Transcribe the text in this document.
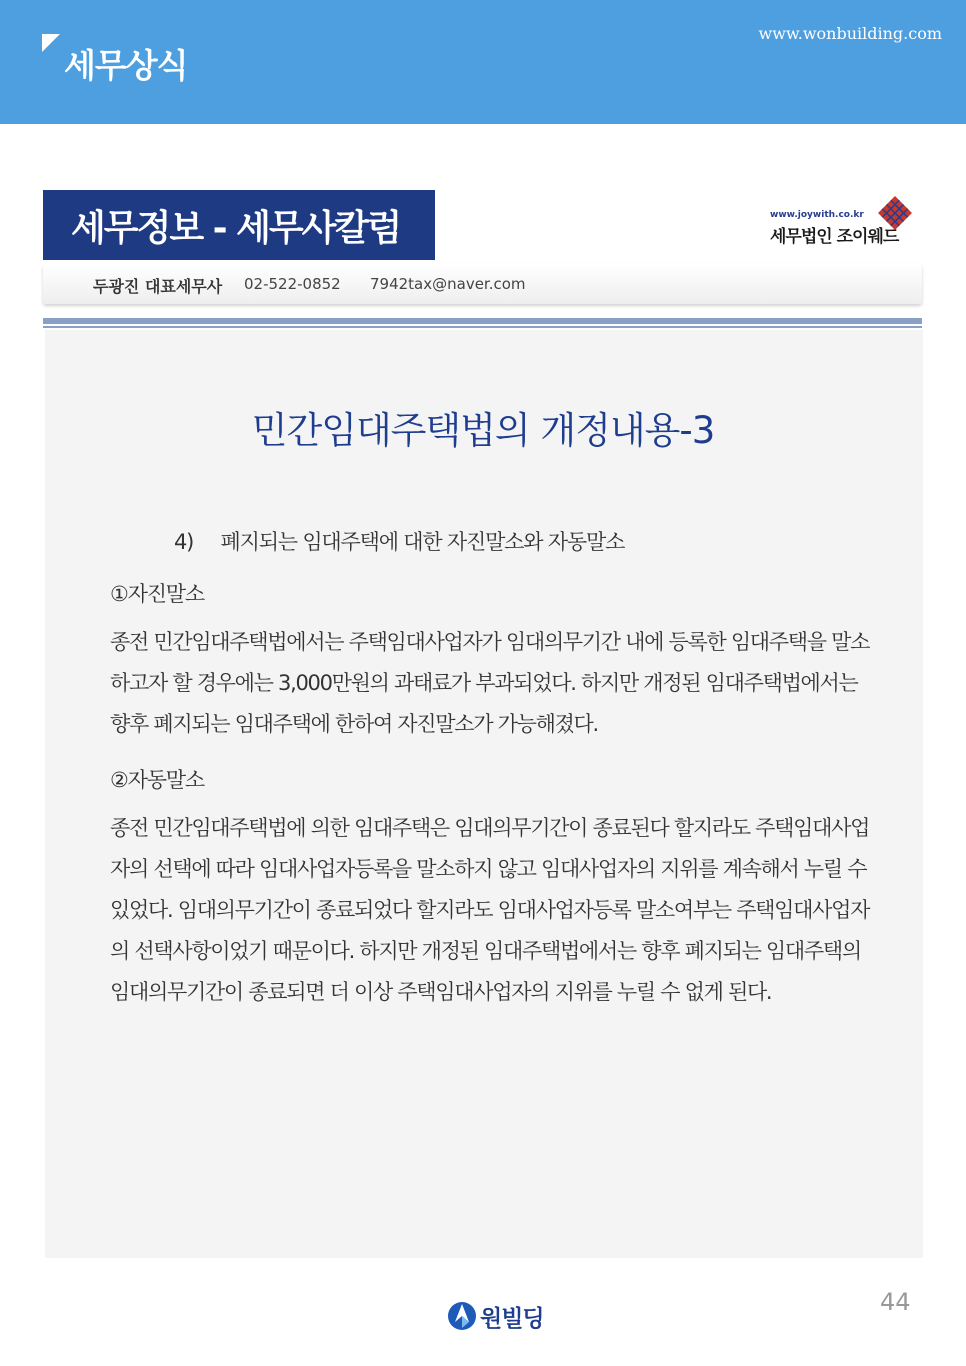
세무상식
www.wonbuilding.com
세무정보 - 세무사칼럼	www.joywith.co.kr
세무법인 조이웨드
두광진 대표세무사 02-522-0852 7942tax@naver.com
민간임대주택법의 개정내용-3
4)     폐지되는 임대주택에 대한 자진말소와 자동말소
①자진말소
종전 민간임대주택법에서는 주택임대사업자가 임대의무기간 내에 등록한 임대주택을 말소
하고자 할 경우에는 3,000만원의 과태료가 부과되었다. 하지만 개정된 임대주택법에서는
향후 폐지되는 임대주택에 한하여 자진말소가 가능해졌다.
②자동말소
종전 민간임대주택법에 의한 임대주택은 임대의무기간이 종료된다 할지라도 주택임대사업
자의 선택에 따라 임대사업자등록을 말소하지 않고 임대사업자의 지위를 계속해서 누릴 수
있었다. 임대의무기간이 종료되었다 할지라도 임대사업자등록 말소여부는 주택임대사업자
의 선택사항이었기 때문이다. 하지만 개정된 임대주택법에서는 향후 폐지되는 임대주택의
임대의무기간이 종료되면 더 이상 주택임대사업자의 지위를 누릴 수 없게 된다.
원빌딩
44
